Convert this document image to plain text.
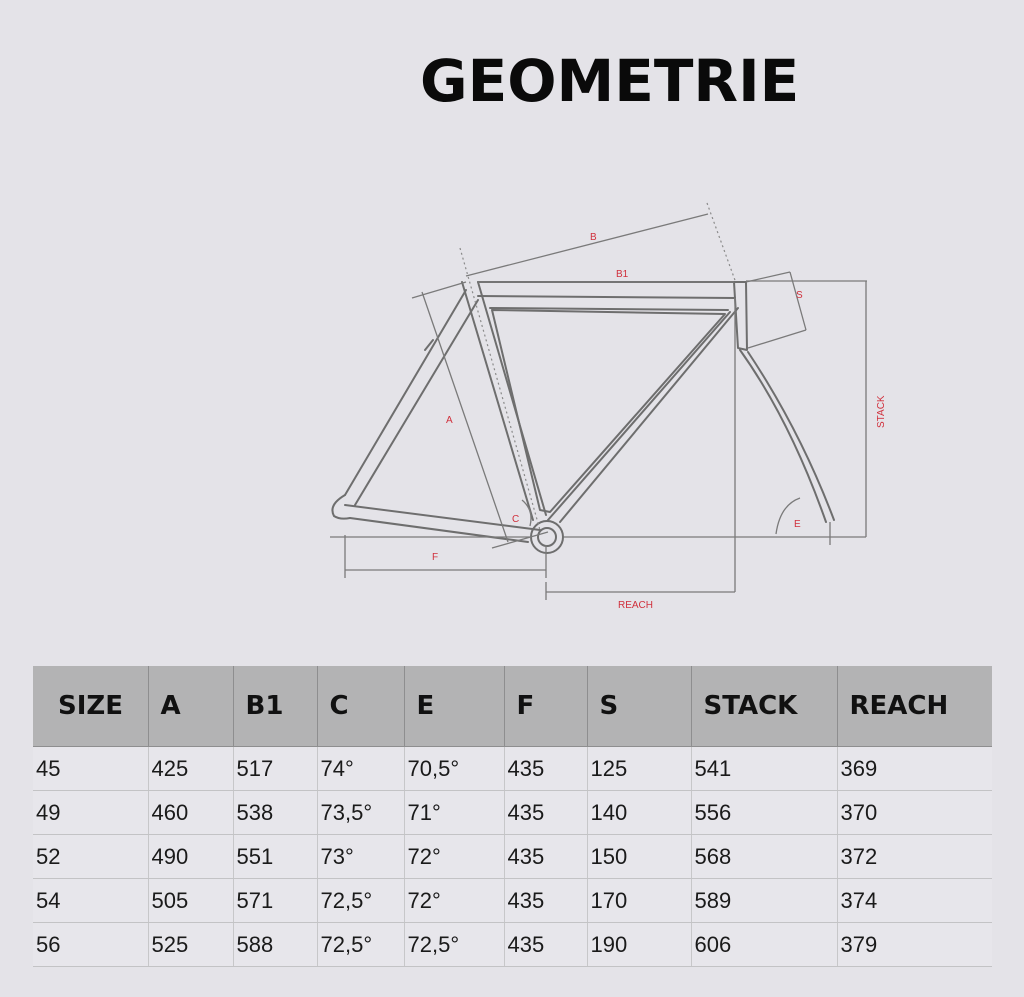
GEOMETRIE
B
B1
S
A
C	E
F
STACK
REACH
SIZE	A	B1	C	E	F	S	STACK	REACH
45	425	517	74°	70,5°	435	125	541	369
49	460	538	73,5°	71°	435	140	556	370
52	490	551	73°	72°	435	150	568	372
54	505	571	72,5°	72°	435	170	589	374
56	525	588	72,5°	72,5°	435	190	606	379
